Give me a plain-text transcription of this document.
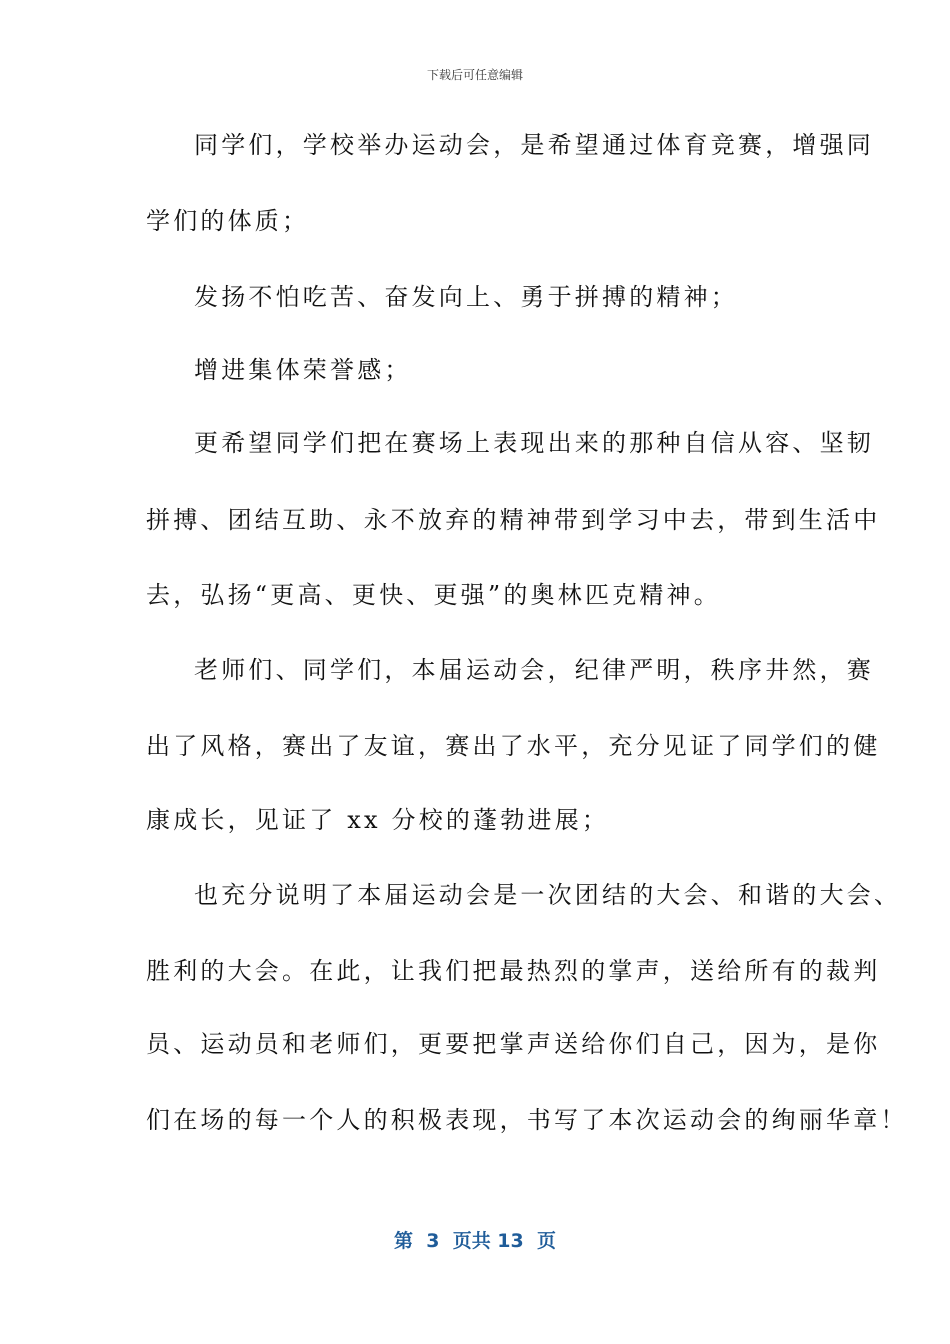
下载后可任意编辑
同学们，学校举办运动会，是希望通过体育竞赛，增强同
学们的体质；
发扬不怕吃苦、奋发向上、勇于拼搏的精神；
增进集体荣誉感；
更希望同学们把在赛场上表现出来的那种自信从容、坚韧
拼搏、团结互助、永不放弃的精神带到学习中去，带到生活中
去，弘扬“更高、更快、更强”的奥林匹克精神。
老师们、同学们，本届运动会，纪律严明，秩序井然，赛
出了风格，赛出了友谊，赛出了水平，充分见证了同学们的健
康成长，见证了 xx 分校的蓬勃进展；
也充分说明了本届运动会是一次团结的大会、和谐的大会、
胜利的大会。在此，让我们把最热烈的掌声，送给所有的裁判
员、运动员和老师们，更要把掌声送给你们自己，因为，是你
们在场的每一个人的积极表现，书写了本次运动会的绚丽华章！
第  3  页共 13  页
